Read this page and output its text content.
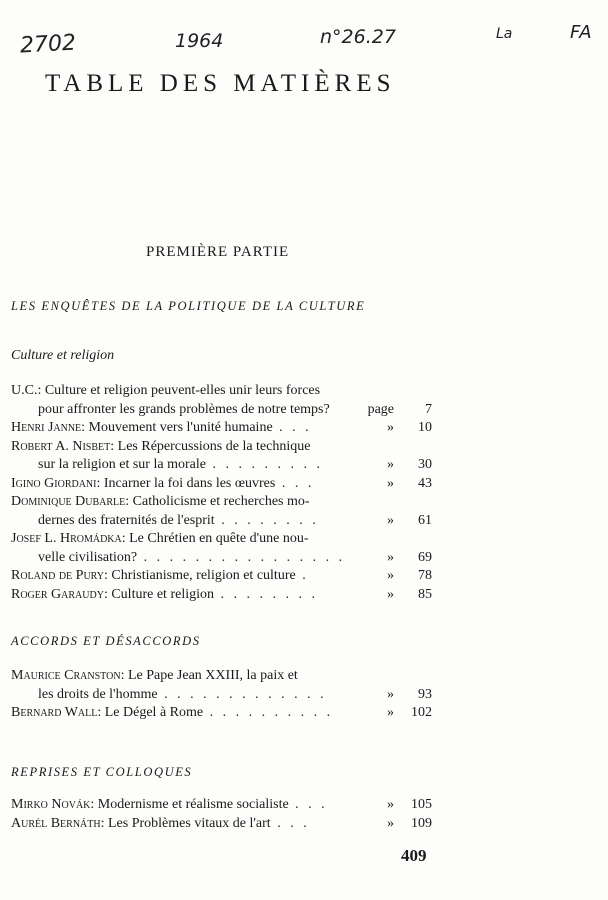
2702	1964	n°26.27	La	FA
TABLE DES MATIÈRES
PREMIÈRE PARTIE
LES ENQUÊTES DE LA POLITIQUE DE LA CULTURE
Culture et religion
U.C.: Culture et religion peuvent-elles unir leurs forces
pour affronter les grands problèmes de notre temps?	page	7
Henri Janne: Mouvement vers l'unité humaine . . .	»	10
Robert A. Nisbet: Les Répercussions de la technique
sur la religion et sur la morale . . . . . . . . .	»	30
Igino Giordani: Incarner la foi dans les œuvres . . .	»	43
Dominique Dubarle: Catholicisme et recherches mo-
dernes des fraternités de l'esprit . . . . . . . .	»	61
Josef L. Hromádka: Le Chrétien en quête d'une nou-
velle civilisation? . . . . . . . . . . . . . . . .	»	69
Roland de Pury: Christianisme, religion et culture .	»	78
Roger Garaudy: Culture et religion . . . . . . . .	»	85
ACCORDS ET DÉSACCORDS
Maurice Cranston: Le Pape Jean XXIII, la paix et
les droits de l'homme . . . . . . . . . . . . .	»	93
Bernard Wall: Le Dégel à Rome . . . . . . . . . .	»	102
REPRISES ET COLLOQUES
Mirko Novák: Modernisme et réalisme socialiste . . .	»	105
Aurél Bernáth: Les Problèmes vitaux de l'art . . .	»	109
409
